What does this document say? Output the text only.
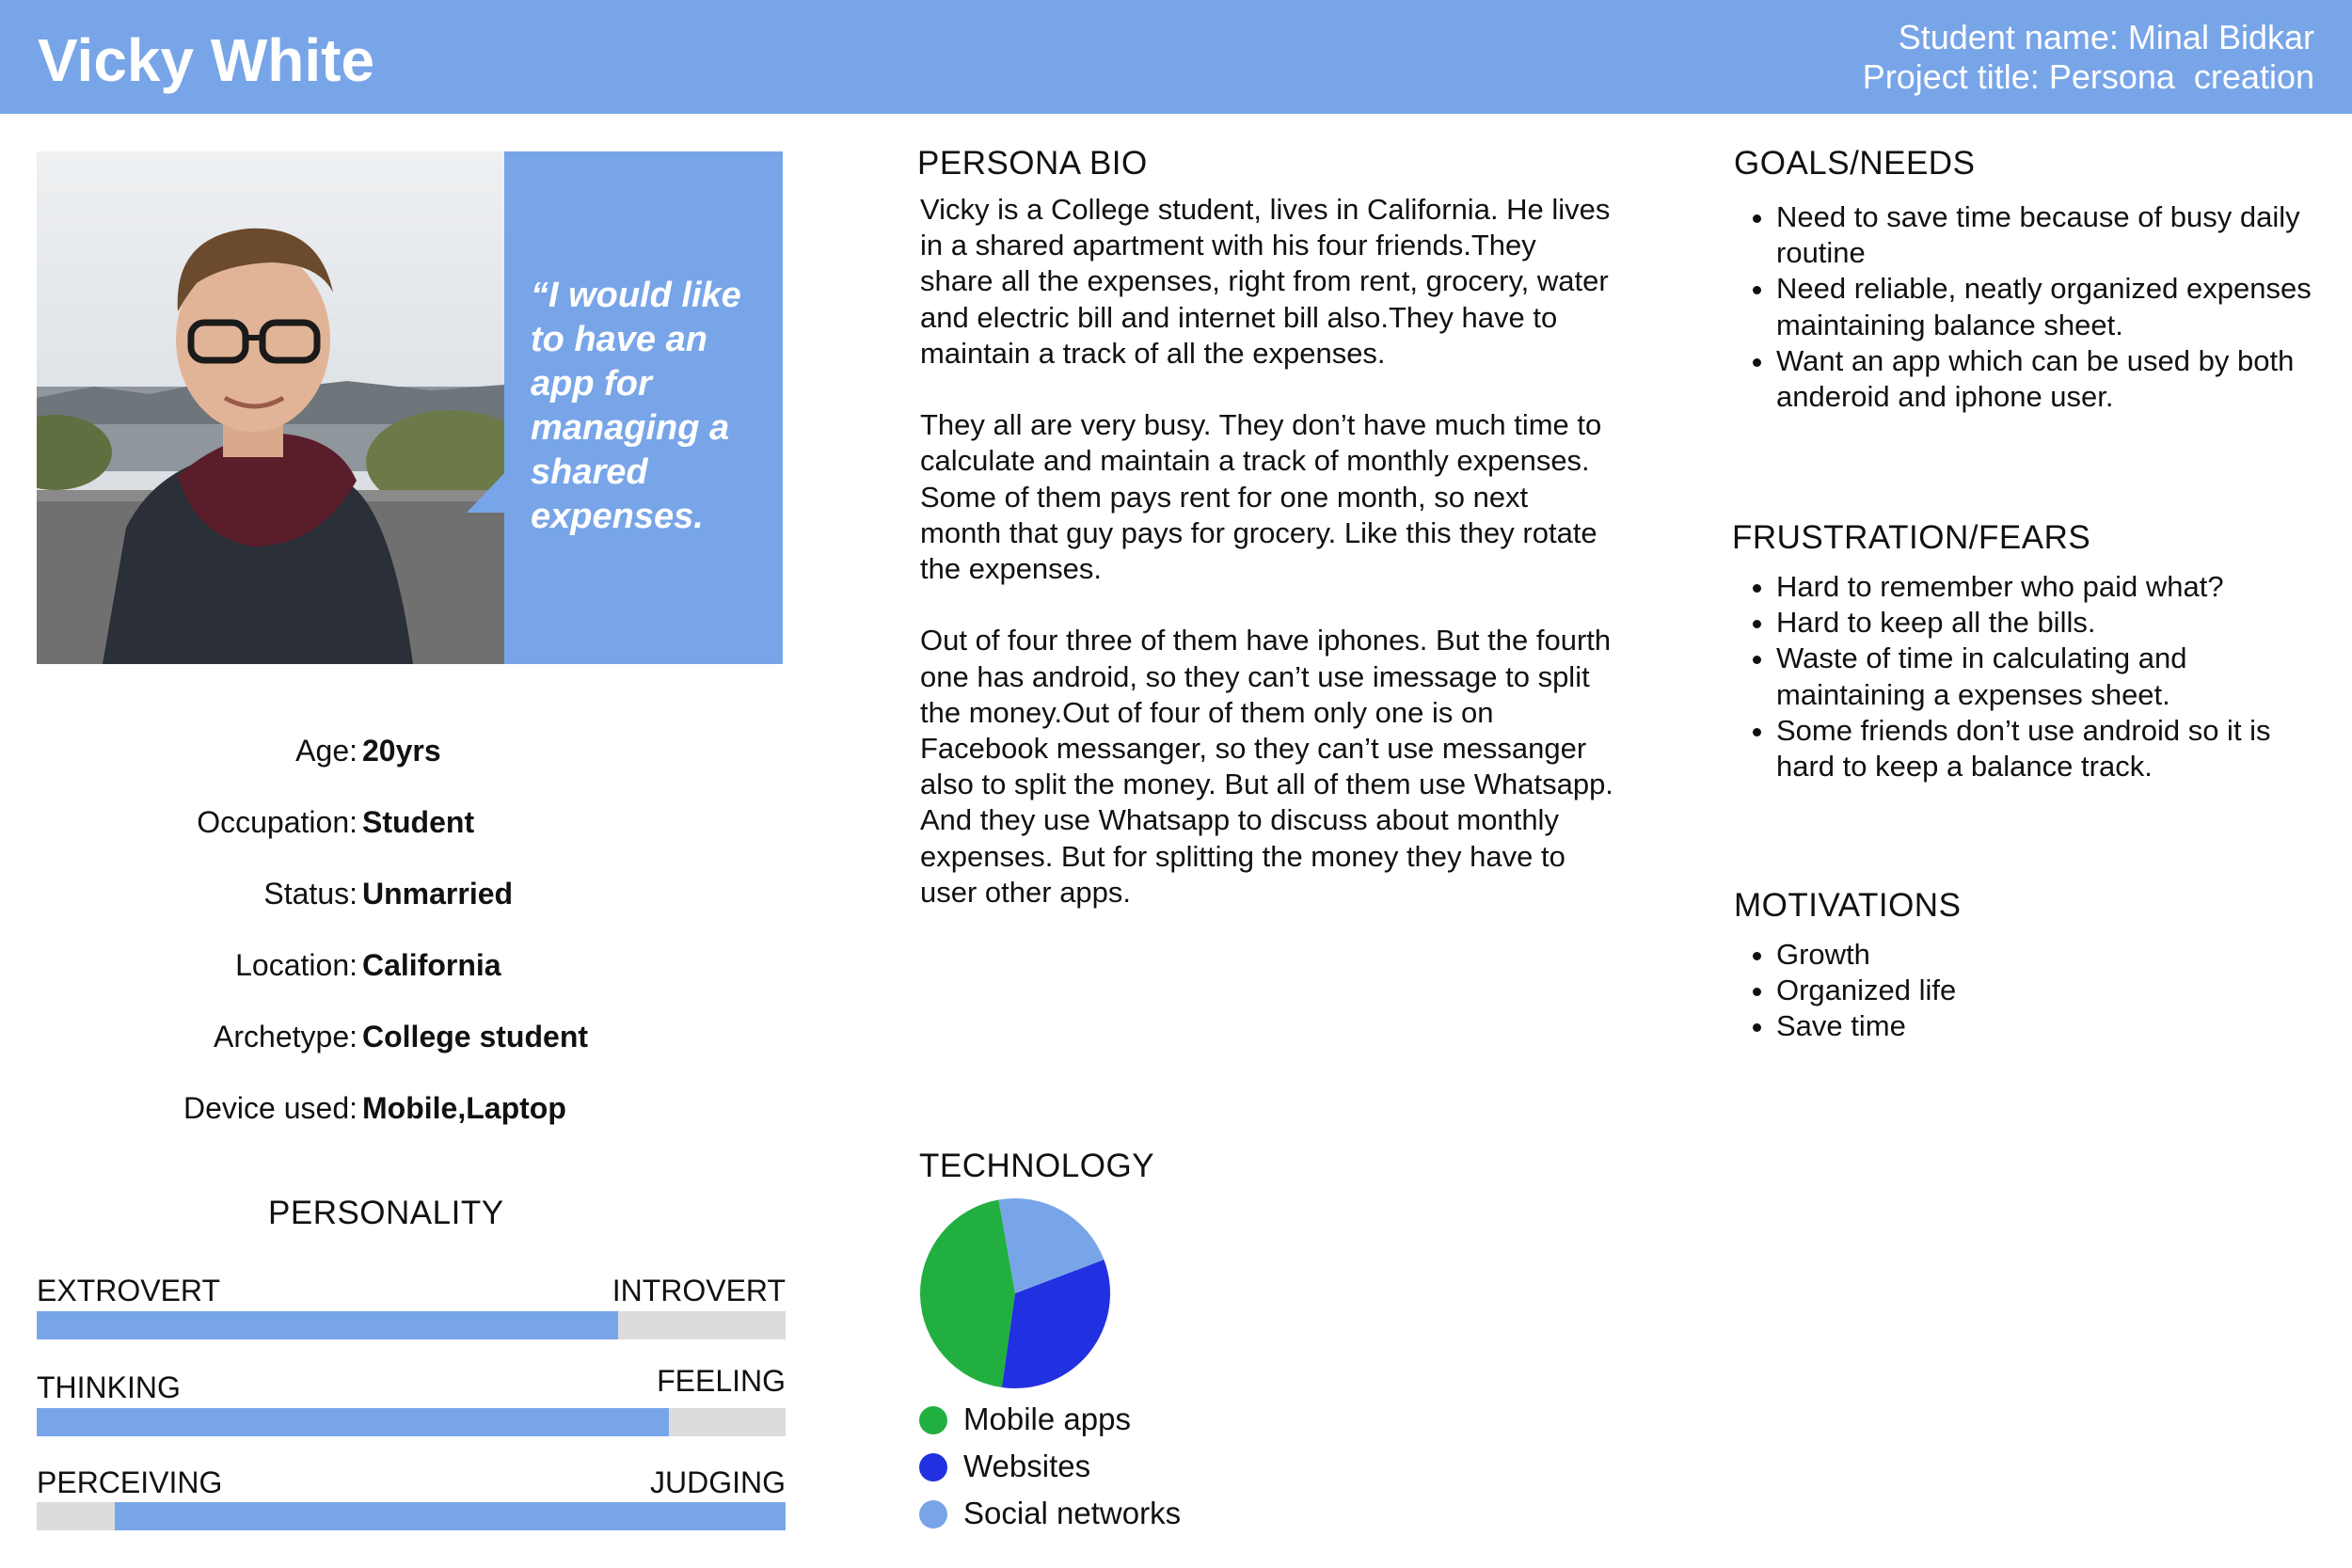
Vicky White	Student name: Minal Bidkar
Project title: Persona  creation
“I would like to have an app for managing a shared expenses.
Age: 20yrs
Occupation: Student
Status: Unmarried
Location: California
Archetype: College student
Device used: Mobile,Laptop
PERSONALITY
EXTROVERT	INTROVERT
THINKING	FEELING
PERCEIVING	JUDGING
PERSONA BIO

Vicky is a College student, lives in California. He lives in a shared apartment with his four friends.They share all the expenses, right from rent, grocery, water and electric bill and internet bill also.They have to maintain a track of all the expenses.

They all are very busy. They don’t have much time to calculate and maintain a track of monthly expenses. Some of them pays rent for one month, so next month that guy pays for grocery. Like this they rotate the expenses.

Out of four three of them have iphones. But the fourth one has android, so they can’t use imessage to split the money.Out of four of them only one is on Facebook messanger, so they can’t use messanger also to split the money. But all of them use Whatsapp. And they use Whatsapp to discuss about monthly expenses. But for splitting the money they have to user other apps.

GOALS/NEEDS
• Need to save time because of busy daily routine
• Need reliable, neatly organized expenses maintaining balance sheet.
• Want an app which can be used by both anderoid and iphone user.
FRUSTRATION/FEARS
• Hard to remember who paid what?
• Hard to keep all the bills.
• Waste of time in calculating and maintaining a expenses sheet.
• Some friends don’t use android so it is hard to keep a balance track.
MOTIVATIONS
• Growth
• Organized life
• Save time
TECHNOLOGY
Mobile apps
Websites
Social networks
